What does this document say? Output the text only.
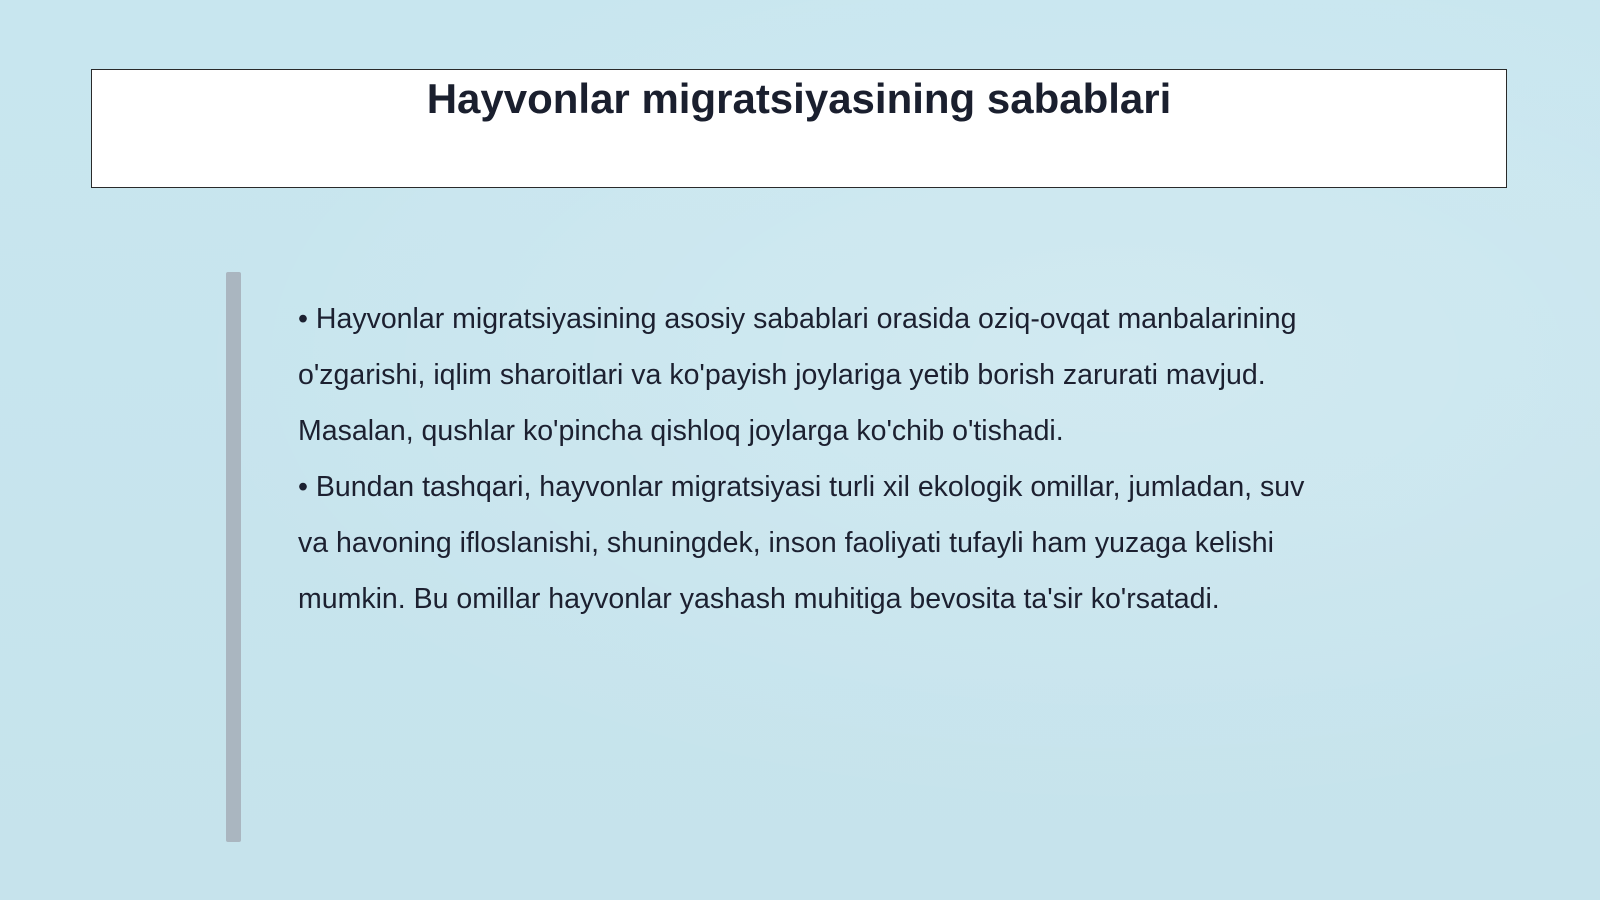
Hayvonlar migratsiyasining sabablari

• Hayvonlar migratsiyasining asosiy sabablari orasida oziq-ovqat manbalarining o'zgarishi, iqlim sharoitlari va ko'payish joylariga yetib borish zarurati mavjud. Masalan, qushlar ko'pincha qishloq joylarga ko'chib o'tishadi.

• Bundan tashqari, hayvonlar migratsiyasi turli xil ekologik omillar, jumladan, suv va havoning ifloslanishi, shuningdek, inson faoliyati tufayli ham yuzaga kelishi mumkin. Bu omillar hayvonlar yashash muhitiga bevosita ta'sir ko'rsatadi.
